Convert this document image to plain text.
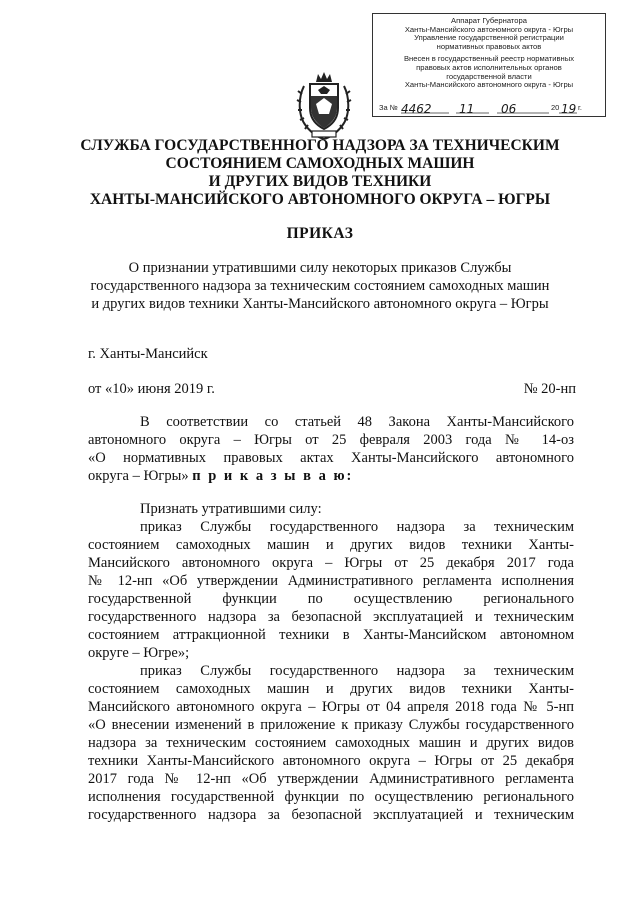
Аппарат Губернатора
Ханты-Мансийского автономного округа - Югры
Управление государственной регистрации
нормативных правовых актов
Внесен в государственный реестр нормативных
правовых актов исполнительных органов
государственной власти
Ханты-Мансийского автономного округа - Югры
За № 4462 11 06	20 19 г.
СЛУЖБА ГОСУДАРСТВЕННОГО НАДЗОРА ЗА ТЕХНИЧЕСКИМ
СОСТОЯНИЕМ САМОХОДНЫХ МАШИН
И ДРУГИХ ВИДОВ ТЕХНИКИ
ХАНТЫ-МАНСИЙСКОГО АВТОНОМНОГО ОКРУГА – ЮГРЫ
ПРИКАЗ
О признании утратившими силу некоторых приказов Службы
государственного надзора за техническим состоянием самоходных машин
и других видов техники Ханты-Мансийского автономного округа – Югры
г. Ханты-Мансийск
от «10» июня 2019 г.	№ 20-нп
В соответствии со статьей 48 Закона Ханты-Мансийского
автономного округа – Югры от 25 февраля 2003 года № 14-оз
«О нормативных правовых актах Ханты-Мансийского автономного
округа – Югры» п р и к а з ы в а ю:
Признать утратившими силу:
приказ Службы государственного надзора за техническим
состоянием самоходных машин и других видов техники Ханты-
Мансийского автономного округа – Югры от 25 декабря 2017 года
№ 12-нп «Об утверждении Административного регламента исполнения
государственной функции по осуществлению регионального
государственного надзора за безопасной эксплуатацией и техническим
состоянием аттракционной техники в Ханты-Мансийском автономном
округе – Югре»;
приказ Службы государственного надзора за техническим
состоянием самоходных машин и других видов техники Ханты-
Мансийского автономного округа – Югры от 04 апреля 2018 года № 5-нп
«О внесении изменений в приложение к приказу Службы государственного
надзора за техническим состоянием самоходных машин и других видов
техники Ханты-Мансийского автономного округа – Югры от 25 декабря
2017 года № 12-нп «Об утверждении Административного регламента
исполнения государственной функции по осуществлению регионального
государственного надзора за безопасной эксплуатацией и техническим
